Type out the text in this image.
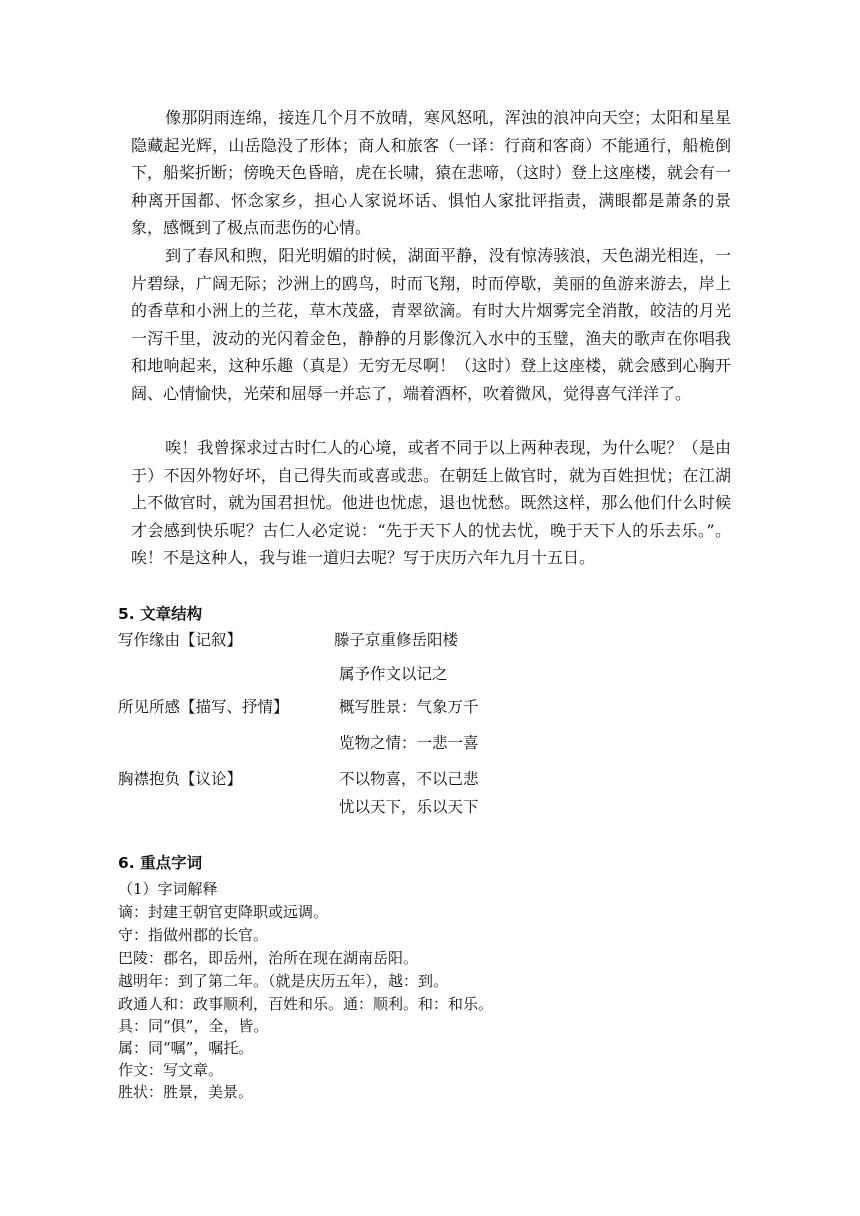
像那阴雨连绵，接连几个月不放晴，寒风怒吼，浑浊的浪冲向天空；太阳和星星隐藏起光辉，山岳隐没了形体；商人和旅客（一译：行商和客商）不能通行，船桅倒下，船桨折断；傍晚天色昏暗，虎在长啸，猿在悲啼，（这时）登上这座楼，就会有一种离开国都、怀念家乡，担心人家说坏话、惧怕人家批评指责，满眼都是萧条的景象，感慨到了极点而悲伤的心情。

到了春风和煦，阳光明媚的时候，湖面平静，没有惊涛骇浪，天色湖光相连，一片碧绿，广阔无际；沙洲上的鸥鸟，时而飞翔，时而停歇，美丽的鱼游来游去，岸上的香草和小洲上的兰花，草木茂盛，青翠欲滴。有时大片烟雾完全消散，皎洁的月光一泻千里，波动的光闪着金色，静静的月影像沉入水中的玉璧，渔夫的歌声在你唱我和地响起来，这种乐趣（真是）无穷无尽啊！（这时）登上这座楼，就会感到心胸开阔、心情愉快，光荣和屈辱一并忘了，端着酒杯，吹着微风，觉得喜气洋洋了。

唉！我曾探求过古时仁人的心境，或者不同于以上两种表现，为什么呢？（是由于）不因外物好坏，自己得失而或喜或悲。在朝廷上做官时，就为百姓担忧；在江湖上不做官时，就为国君担忧。他进也忧虑，退也忧愁。既然这样，那么他们什么时候才会感到快乐呢？古仁人必定说：“先于天下人的忧去忧，晚于天下人的乐去乐。”。唉！不是这种人，我与谁一道归去呢？写于庆历六年九月十五日。

5. 文章结构
写作缘由【记叙】	滕子京重修岳阳楼
属予作文以记之
所见所感【描写、抒情】	概写胜景：气象万千
览物之情：一悲一喜
胸襟抱负【议论】	不以物喜，不以己悲
忧以天下，乐以天下
6. 重点字词
（1）字词解释
谪：封建王朝官吏降职或远调。
守：指做州郡的长官。
巴陵：郡名，即岳州，治所在现在湖南岳阳。
越明年：到了第二年。（就是庆历五年），越：到。
政通人和：政事顺利，百姓和乐。通：顺利。和：和乐。
具：同“俱”，全，皆。
属：同“嘱”，嘱托。
作文：写文章。
胜状：胜景，美景。
